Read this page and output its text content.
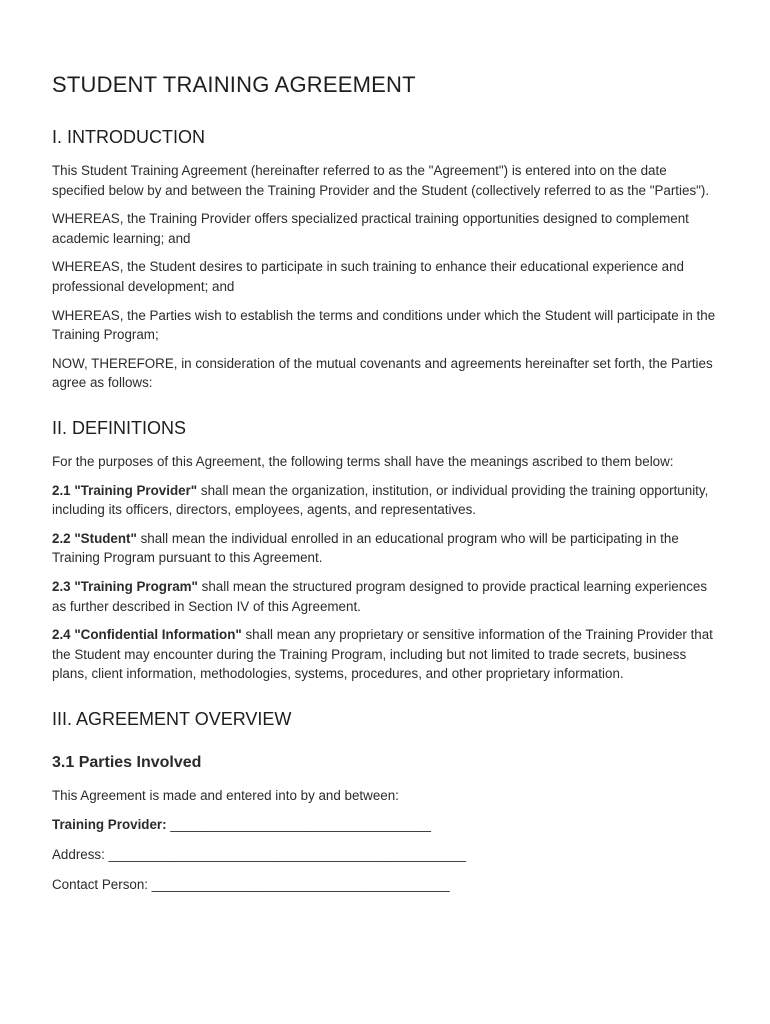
STUDENT TRAINING AGREEMENT
I. INTRODUCTION

This Student Training Agreement (hereinafter referred to as the "Agreement") is entered into on the date specified below by and between the Training Provider and the Student (collectively referred to as the "Parties").

WHEREAS, the Training Provider offers specialized practical training opportunities designed to complement academic learning; and

WHEREAS, the Student desires to participate in such training to enhance their educational experience and professional development; and

WHEREAS, the Parties wish to establish the terms and conditions under which the Student will participate in the Training Program;

NOW, THEREFORE, in consideration of the mutual covenants and agreements hereinafter set forth, the Parties agree as follows:

II. DEFINITIONS

For the purposes of this Agreement, the following terms shall have the meanings ascribed to them below:

2.1 "Training Provider" shall mean the organization, institution, or individual providing the training opportunity, including its officers, directors, employees, agents, and representatives.

2.2 "Student" shall mean the individual enrolled in an educational program who will be participating in the Training Program pursuant to this Agreement.

2.3 "Training Program" shall mean the structured program designed to provide practical learning experiences as further described in Section IV of this Agreement.

2.4 "Confidential Information" shall mean any proprietary or sensitive information of the Training Provider that the Student may encounter during the Training Program, including but not limited to trade secrets, business plans, client information, methodologies, systems, procedures, and other proprietary information.

III. AGREEMENT OVERVIEW
3.1 Parties Involved

This Agreement is made and entered into by and between:

Training Provider: ___________________________________

Address: ________________________________________________

Contact Person: ________________________________________
